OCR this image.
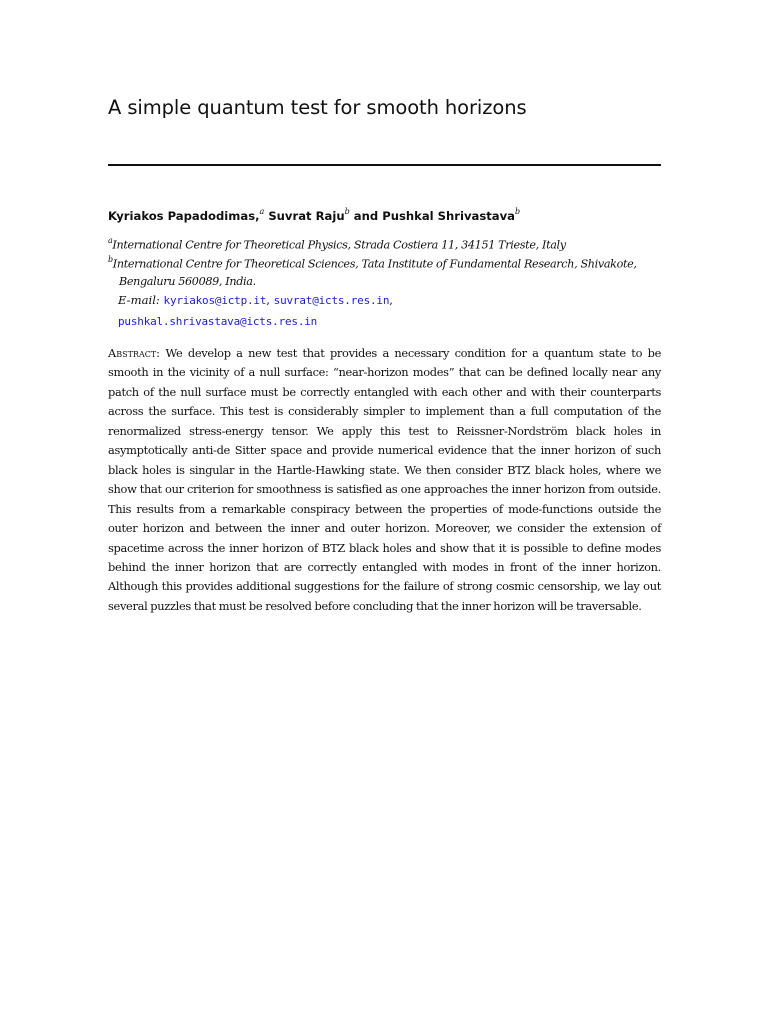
A simple quantum test for smooth horizons
Kyriakos Papadodimas,$^a$ Suvrat Raju$^b$ and Pushkal Shrivastava$^b$
$^a$International Centre for Theoretical Physics, Strada Costiera 11, 34151 Trieste, Italy
$^b$International Centre for Theoretical Sciences, Tata Institute of Fundamental Research, Shivakote,
Bengaluru 560089, India.
E-mail: kyriakos@ictp.it, suvrat@icts.res.in,
pushkal.shrivastava@icts.res.in

Abstract: We develop a new test that provides a necessary condition for a quantum state to be smooth in the vicinity of a null surface: “near-horizon modes” that can be defined locally near any patch of the null surface must be correctly entangled with each other and with their counterparts across the surface. This test is considerably simpler to implement than a full computation of the renormalized stress-energy tensor. We apply this test to Reissner-Nordström black holes in asymptotically anti-de Sitter space and provide numerical evidence that the inner horizon of such black holes is singular in the Hartle-Hawking state. We then consider BTZ black holes, where we show that our criterion for smoothness is satisfied as one approaches the inner horizon from outside. This results from a remarkable conspiracy between the properties of mode-functions outside the outer horizon and between the inner and outer horizon. Moreover, we consider the extension of spacetime across the inner horizon of BTZ black holes and show that it is possible to define modes behind the inner horizon that are correctly entangled with modes in front of the inner horizon. Although this provides additional suggestions for the failure of strong cosmic censorship, we lay out several puzzles that must be resolved before concluding that the inner horizon will be traversable.
